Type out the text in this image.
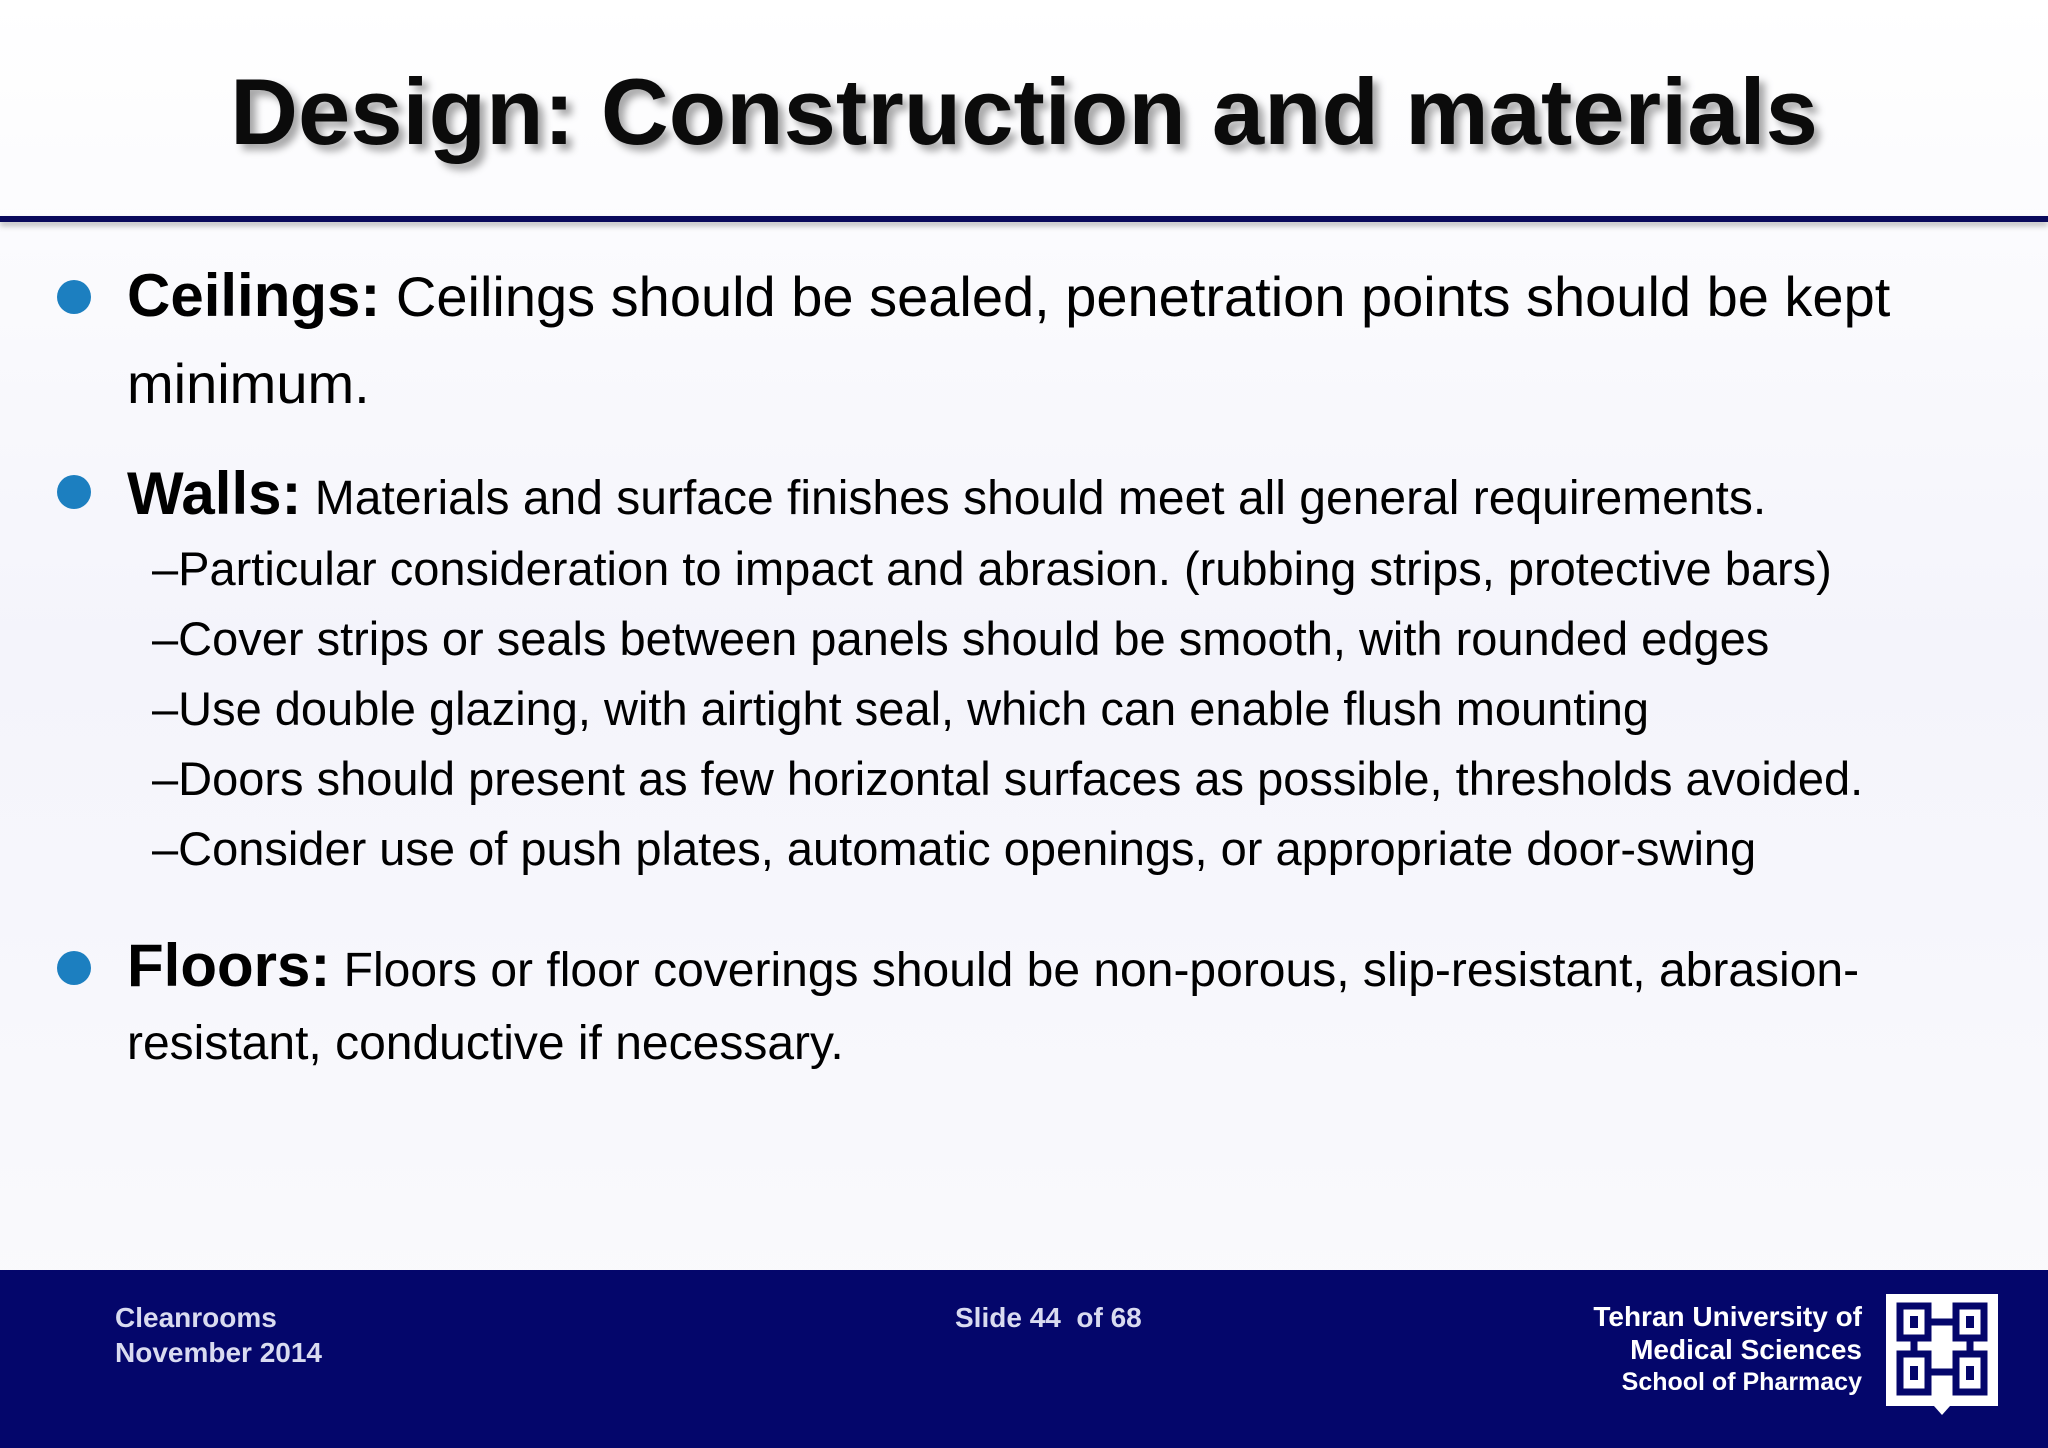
Design: Construction and materials
Ceilings: Ceilings should be sealed, penetration points should be kept minimum.
Walls: Materials and surface finishes should meet all general requirements.
–Particular consideration to impact and abrasion. (rubbing strips, protective bars)
–Cover strips or seals between panels should be smooth, with rounded edges
–Use double glazing, with airtight seal, which can enable flush mounting
–Doors should present as few horizontal surfaces as possible, thresholds avoided.
–Consider use of push plates, automatic openings, or appropriate door-swing
Floors: Floors or floor coverings should be non-porous, slip-resistant, abrasion-resistant, conductive if necessary.
Cleanrooms
November 2014
Slide 44  of 68	Tehran University of
Medical Sciences
School of Pharmacy
